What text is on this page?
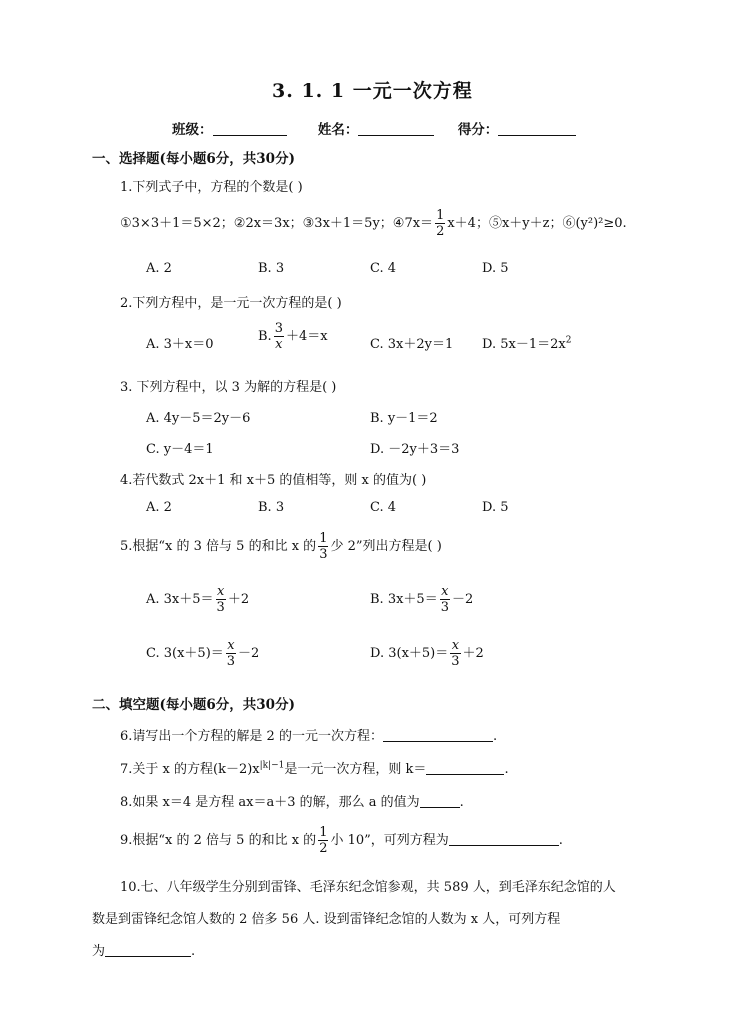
3. 1. 1 一元一次方程
班级：	姓名：	得分：
一、选择题(每小题6分，共30分)
1.下列式子中，方程的个数是( )
①3×3＋1＝5×2；②2x＝3x；③3x＋1＝5y；④7x＝ $\frac{1}{2} x+4$；⑤x＋y＋z；⑥(y²)²≥0.
A. 2	B. 3	C. 4	D. 5
2.下列方程中，是一元一次方程的是( )
A. 3＋x＝0
B. $\frac{3}{x} +4=x$
C. 3x＋2y＝1 D. $5x-1=2x^2$
3. 下列方程中，以 3 为解的方程是( )
A. 4y－5＝2y－6	B. y－1＝2
C. y－4＝1	D. －2y＋3＝3
4.若代数式 2x＋1 和 x＋5 的值相等，则 x 的值为( )
A. 2	B. 3	C. 4	D. 5
5.根据“x 的 3 倍与 5 的和比 x 的 $\frac{1}{3}$ 少 2”列出方程是( )
A. $3x+5= \frac{x}{3} +2$	B. $3x+5= \frac{x}{3} -2$
C. $3(x+5)= \frac{x}{3} -2$	D. $3(x+5)= \frac{x}{3} +2$
二、填空题(每小题6分，共30分)
6.请写出一个方程的解是 2 的一元一次方程：	.
7.关于 x 的方程$(k-2)x^{|k|-1}$是一元一次方程，则 k＝	.
8.如果 x＝4 是方程 ax＝a＋3 的解，那么 a 的值为	.
9.根据“x 的 2 倍与 5 的和比 x 的 $\frac{1}{2}$ 小 10”，可列方程为	.
10.七、八年级学生分别到雷锋、毛泽东纪念馆参观，共 589 人，到毛泽东纪念馆的人
数是到雷锋纪念馆人数的 2 倍多 56 人. 设到雷锋纪念馆的人数为 x 人，可列方程
为	.
